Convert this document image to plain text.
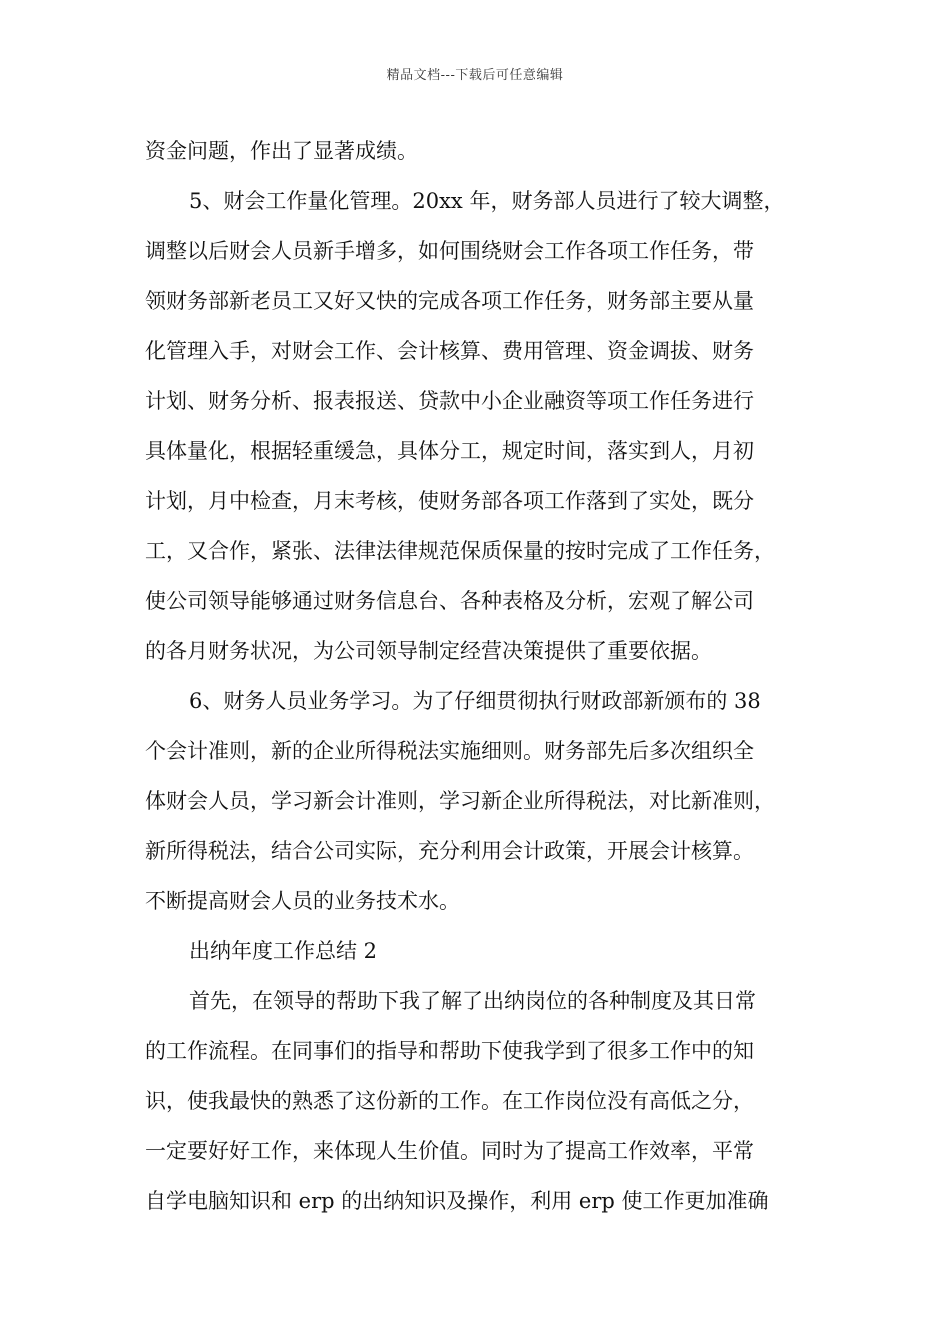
精品文档---下载后可任意编辑
资金问题，作出了显著成绩。
5、财会工作量化管理。20xx 年，财务部人员进行了较大调整，
调整以后财会人员新手增多，如何围绕财会工作各项工作任务，带
领财务部新老员工又好又快的完成各项工作任务，财务部主要从量
化管理入手，对财会工作、会计核算、费用管理、资金调拔、财务
计划、财务分析、报表报送、贷款中小企业融资等项工作任务进行
具体量化，根据轻重缓急，具体分工，规定时间，落实到人，月初
计划，月中检查，月末考核，使财务部各项工作落到了实处，既分
工，又合作，紧张、法律法律规范保质保量的按时完成了工作任务，
使公司领导能够通过财务信息台、各种表格及分析，宏观了解公司
的各月财务状况，为公司领导制定经营决策提供了重要依据。
6、财务人员业务学习。为了仔细贯彻执行财政部新颁布的 38
个会计准则，新的企业所得税法实施细则。财务部先后多次组织全
体财会人员，学习新会计准则，学习新企业所得税法，对比新准则，
新所得税法，结合公司实际，充分利用会计政策，开展会计核算。
不断提高财会人员的业务技术水。
出纳年度工作总结 2
首先，在领导的帮助下我了解了出纳岗位的各种制度及其日常
的工作流程。在同事们的指导和帮助下使我学到了很多工作中的知
识，使我最快的熟悉了这份新的工作。在工作岗位没有高低之分，
一定要好好工作，来体现人生价值。同时为了提高工作效率，平常
自学电脑知识和 erp 的出纳知识及操作，利用 erp 使工作更加准确
